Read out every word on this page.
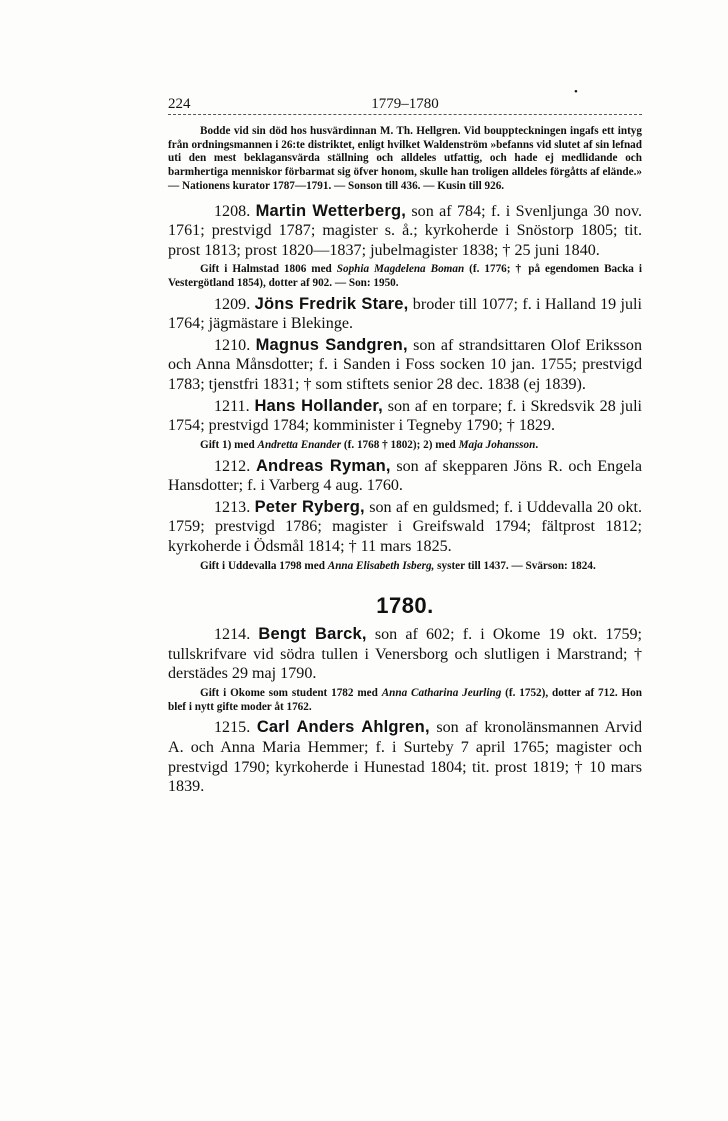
224	1779–1780
•

Bodde vid sin död hos husvärdinnan M. Th. Hellgren. Vid bouppteckningen ingafs ett intyg från ordningsmannen i 26:te distriktet, enligt hvilket Waldenström »befanns vid slutet af sin lefnad uti den mest beklagansvärda ställning och alldeles utfattig, och hade ej medlidande och barmhertiga menniskor förbarmat sig öfver honom, skulle han troligen alldeles förgåtts af elände.» — Nationens kurator 1787—1791. — Sonson till 436. — Kusin till 926.

1208. Martin Wetterberg, son af 784; f. i Svenljunga 30 nov. 1761; prestvigd 1787; magister s. å.; kyrkoherde i Snöstorp 1805; tit. prost 1813; prost 1820—1837; jubelmagister 1838; † 25 juni 1840.

Gift i Halmstad 1806 med Sophia Magdelena Boman (f. 1776; † på egendomen Backa i Vestergötland 1854), dotter af 902. — Son: 1950.

1209. Jöns Fredrik Stare, broder till 1077; f. i Halland 19 juli 1764; jägmästare i Blekinge.

1210. Magnus Sandgren, son af strandsittaren Olof Eriksson och Anna Månsdotter; f. i Sanden i Foss socken 10 jan. 1755; prestvigd 1783; tjenstfri 1831; † som stiftets senior 28 dec. 1838 (ej 1839).

1211. Hans Hollander, son af en torpare; f. i Skredsvik 28 juli 1754; prestvigd 1784; komminister i Tegneby 1790; † 1829.

Gift 1) med Andretta Enander (f. 1768 † 1802); 2) med Maja Johansson.

1212. Andreas Ryman, son af skepparen Jöns R. och Engela Hansdotter; f. i Varberg 4 aug. 1760.

1213. Peter Ryberg, son af en guldsmed; f. i Uddevalla 20 okt. 1759; prestvigd 1786; magister i Greifswald 1794; fältprost 1812; kyrkoherde i Ödsmål 1814; † 11 mars 1825.

Gift i Uddevalla 1798 med Anna Elisabeth Isberg, syster till 1437. — Svärson: 1824.

1780.

1214. Bengt Barck, son af 602; f. i Okome 19 okt. 1759; tullskrifvare vid södra tullen i Venersborg och slutligen i Marstrand; † derstädes 29 maj 1790.

Gift i Okome som student 1782 med Anna Catharina Jeurling (f. 1752), dotter af 712. Hon blef i nytt gifte moder åt 1762.

1215. Carl Anders Ahlgren, son af kronolänsmannen Arvid A. och Anna Maria Hemmer; f. i Surteby 7 april 1765; magister och prestvigd 1790; kyrkoherde i Hunestad 1804; tit. prost 1819; † 10 mars 1839.
